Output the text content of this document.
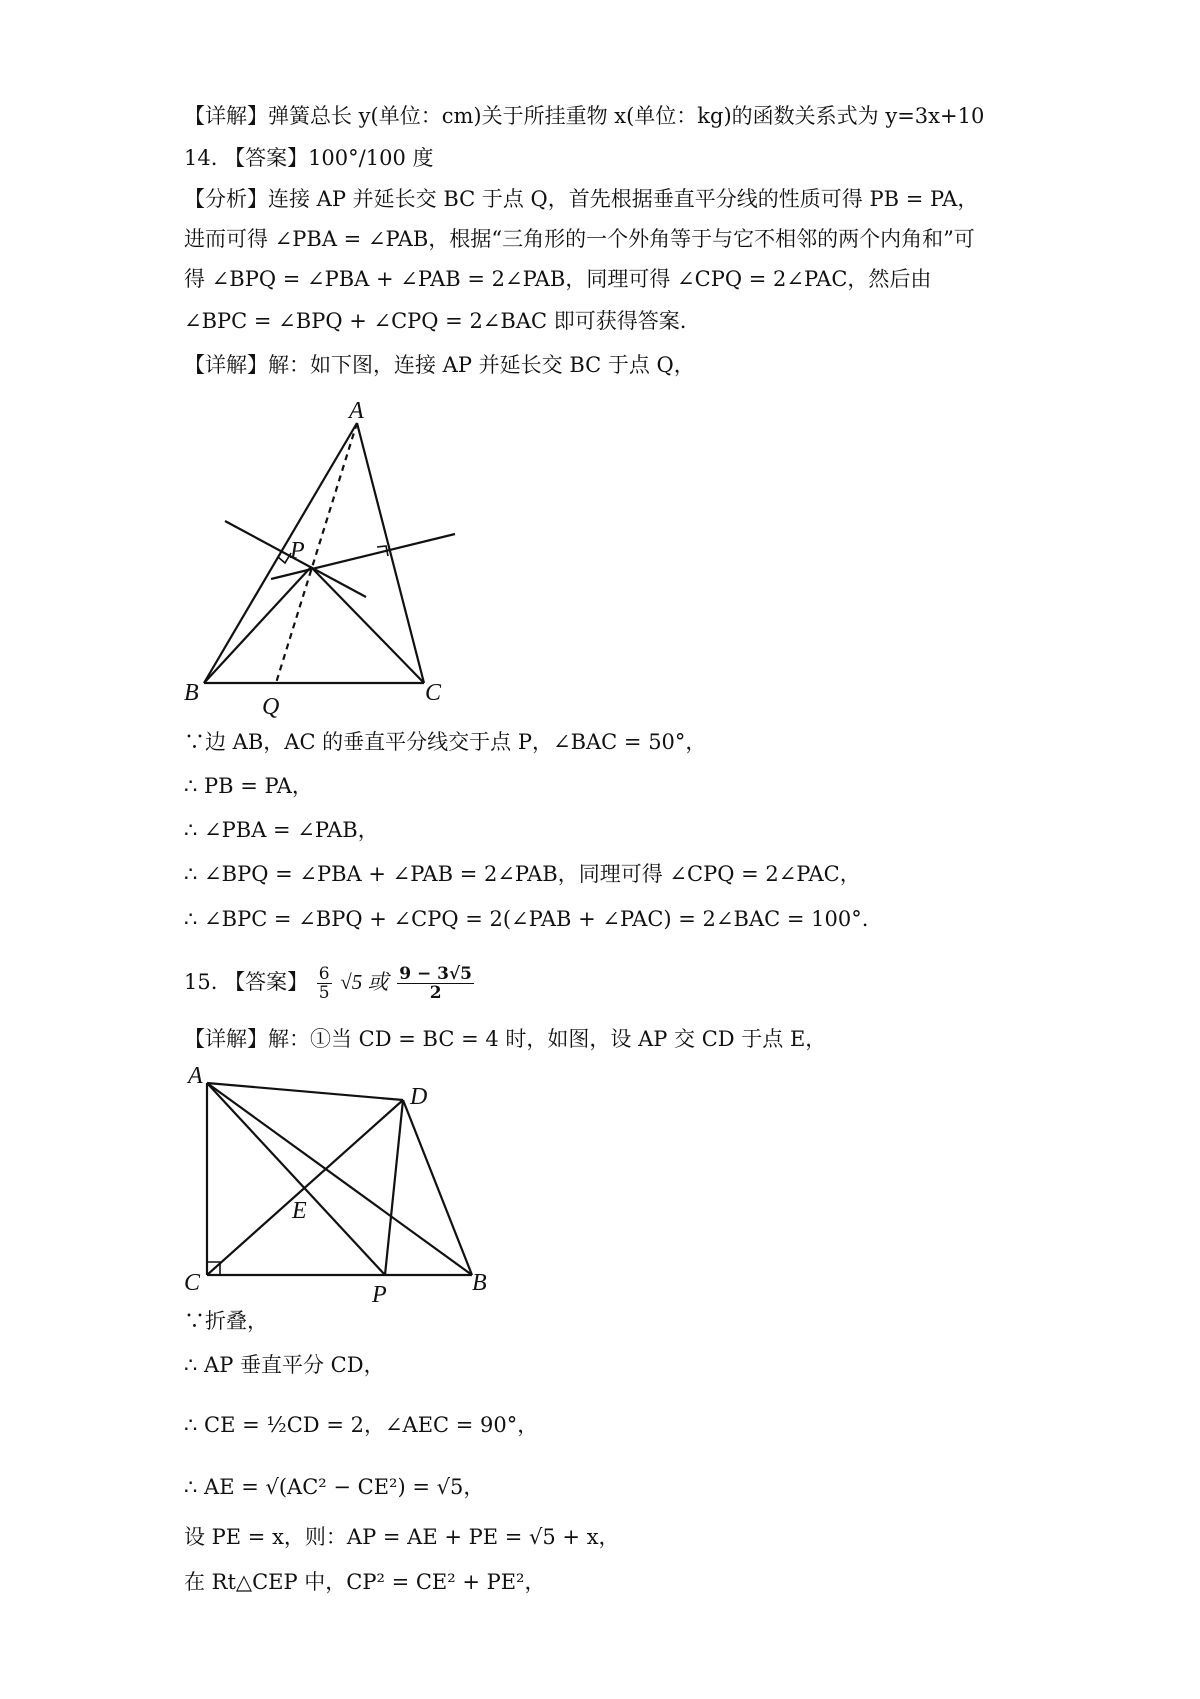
【详解】弹簧总长 y(单位：cm)关于所挂重物 x(单位：kg)的函数关系式为 y=3x+10
14. 【答案】100°/100 度
【分析】连接 AP 并延长交 BC 于点 Q，首先根据垂直平分线的性质可得 PB = PA，
进而可得 ∠PBA = ∠PAB，根据“三角形的一个外角等于与它不相邻的两个内角和”可
得 ∠BPQ = ∠PBA + ∠PAB = 2∠PAB，同理可得 ∠CPQ = 2∠PAC，然后由
∠BPC = ∠BPQ + ∠CPQ = 2∠BAC 即可获得答案.
【详解】解：如下图，连接 AP 并延长交 BC 于点 Q，
∵边 AB，AC 的垂直平分线交于点 P，∠BAC = 50°，
∴ PB = PA，
∴ ∠PBA = ∠PAB，
∴ ∠BPQ = ∠PBA + ∠PAB = 2∠PAB，同理可得 ∠CPQ = 2∠PAC，
∴ ∠BPC = ∠BPQ + ∠CPQ = 2(∠PAB + ∠PAC) = 2∠BAC = 100°.
【详解】解：①当 CD = BC = 4 时，如图，设 AP 交 CD 于点 E，
∵折叠，
∴ AP 垂直平分 CD，
∴ CE = ½CD = 2，∠AEC = 90°，
∴ AE = √(AC² − CE²) = √5，
设 PE = x，则：AP = AE + PE = √5 + x，
在 Rt△CEP 中，CP² = CE² + PE²，
15. 【答案】 $\frac{6}{5} √5$ 或 $\frac{9 - 3√5}{2}$
A
P
B
Q
C
A
D
E
C	P	B
